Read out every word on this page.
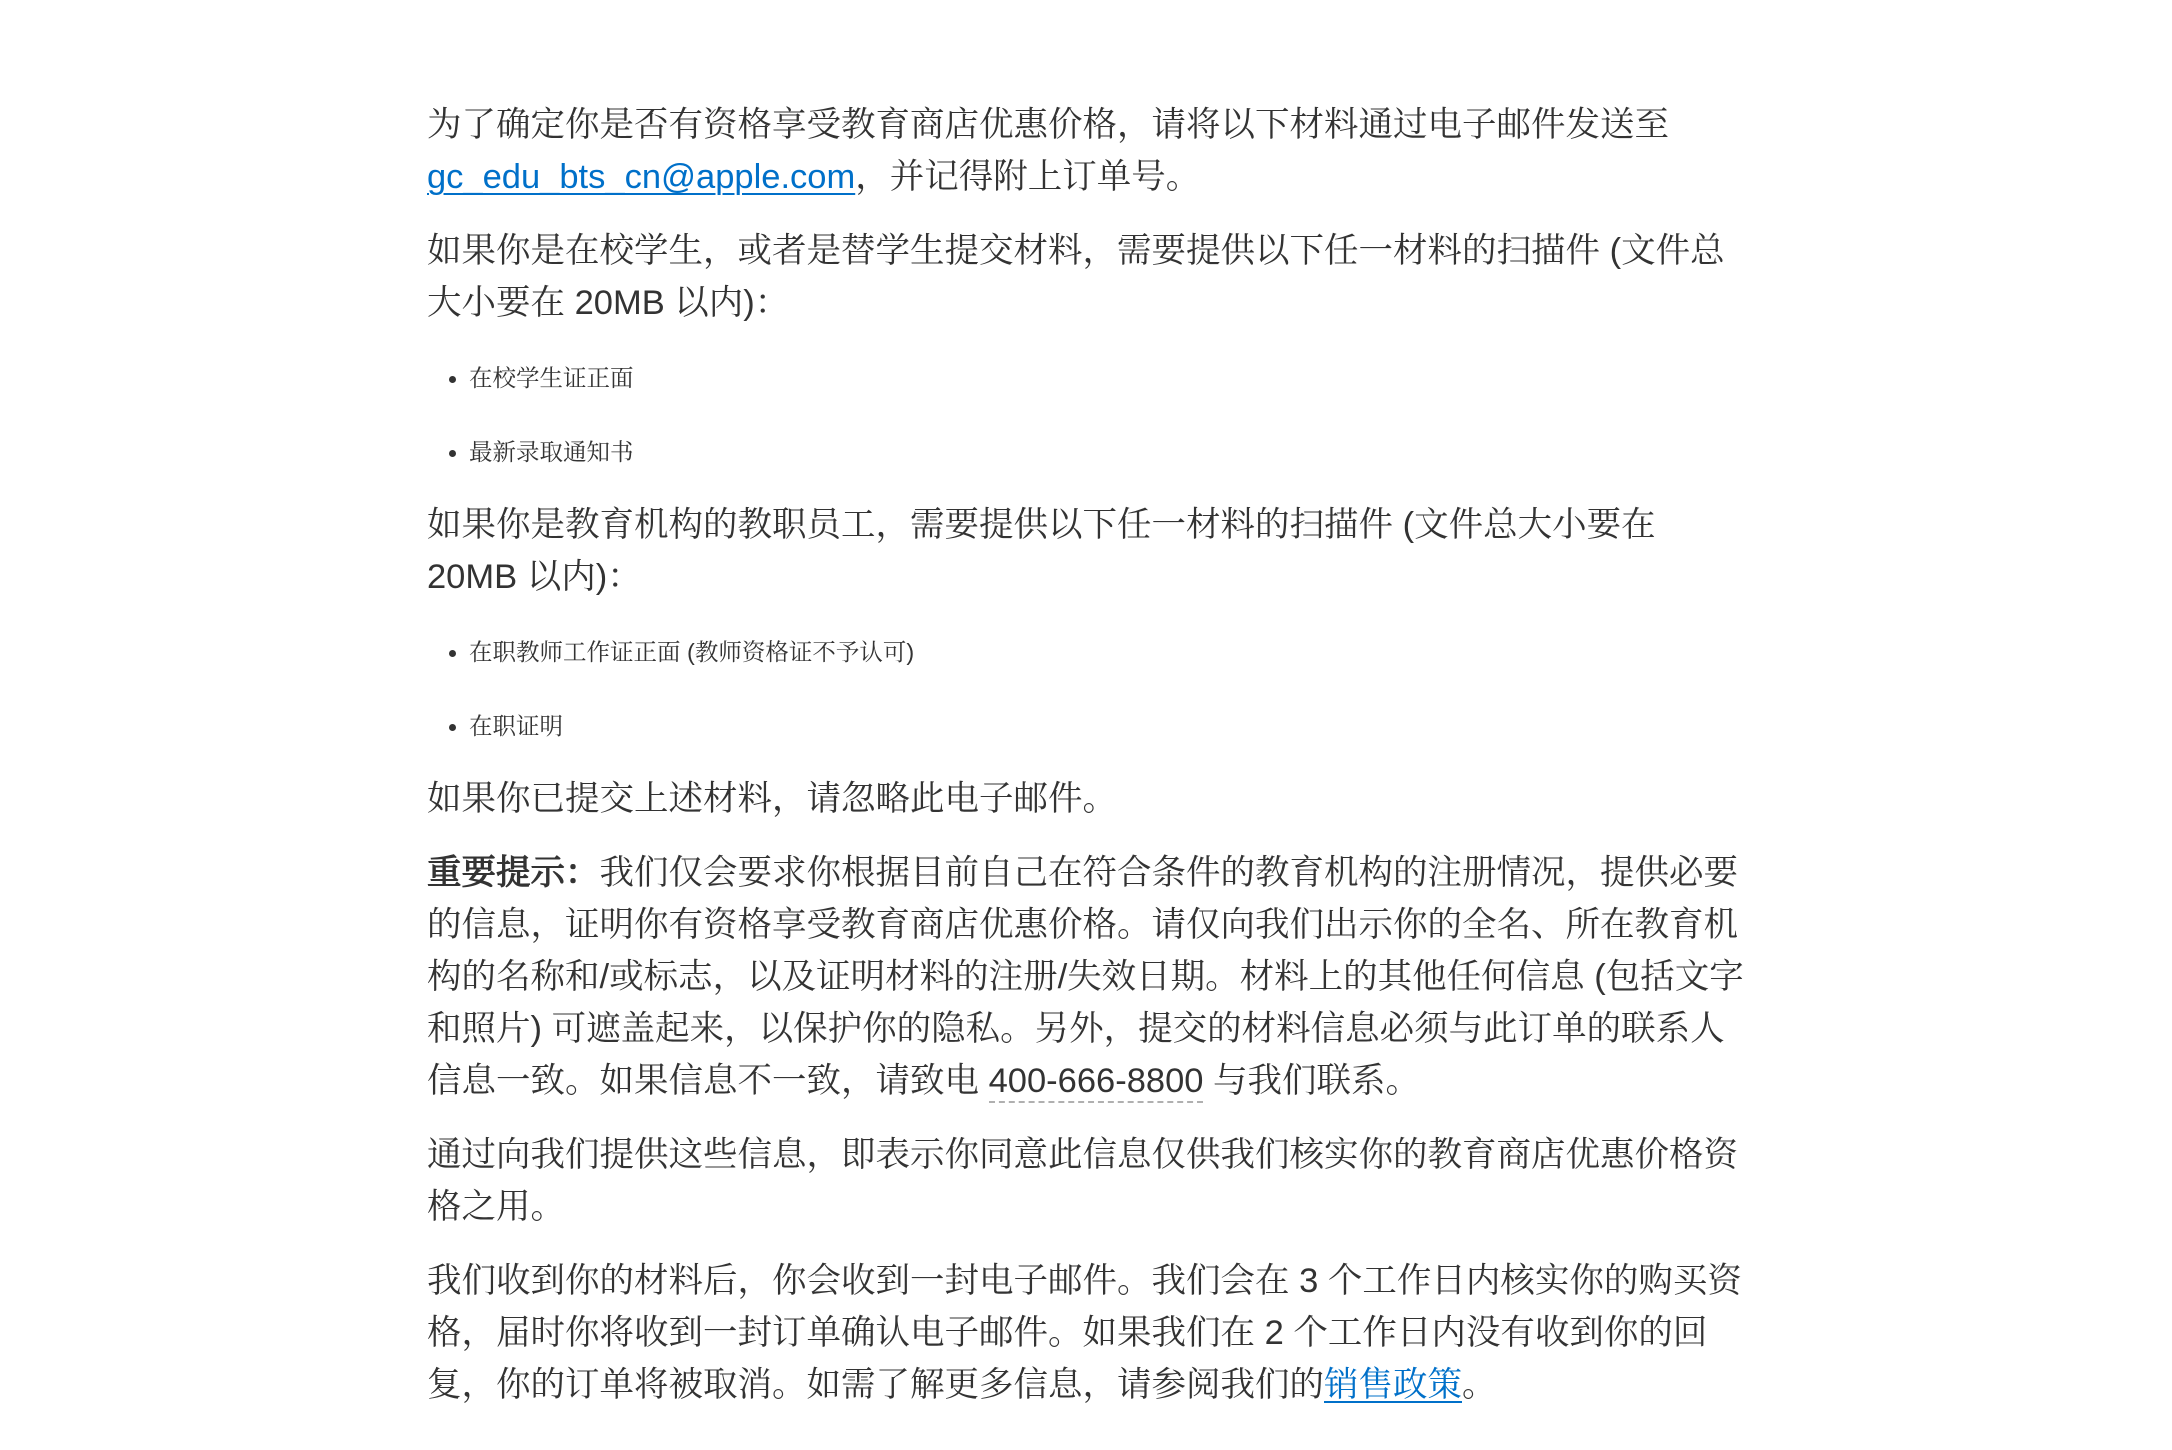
为了确定你是否有资格享受教育商店优惠价格，请将以下材料通过电子邮件发送至gc_edu_bts_cn@apple.com，并记得附上订单号。

如果你是在校学生，或者是替学生提交材料，需要提供以下任一材料的扫描件 (文件总大小要在 20MB 以内)：

• 在校学生证正面
• 最新录取通知书

如果你是教育机构的教职员工，需要提供以下任一材料的扫描件 (文件总大小要在 20MB 以内)：

• 在职教师工作证正面 (教师资格证不予认可)
• 在职证明

如果你已提交上述材料，请忽略此电子邮件。

重要提示：我们仅会要求你根据目前自己在符合条件的教育机构的注册情况，提供必要的信息，证明你有资格享受教育商店优惠价格。请仅向我们出示你的全名、所在教育机构的名称和/或标志，以及证明材料的注册/失效日期。材料上的其他任何信息 (包括文字和照片) 可遮盖起来，以保护你的隐私。另外，提交的材料信息必须与此订单的联系人信息一致。如果信息不一致，请致电 400-666-8800 与我们联系。

通过向我们提供这些信息，即表示你同意此信息仅供我们核实你的教育商店优惠价格资格之用。

我们收到你的材料后，你会收到一封电子邮件。我们会在 3 个工作日内核实你的购买资格，届时你将收到一封订单确认电子邮件。如果我们在 2 个工作日内没有收到你的回复，你的订单将被取消。如需了解更多信息，请参阅我们的销售政策。
